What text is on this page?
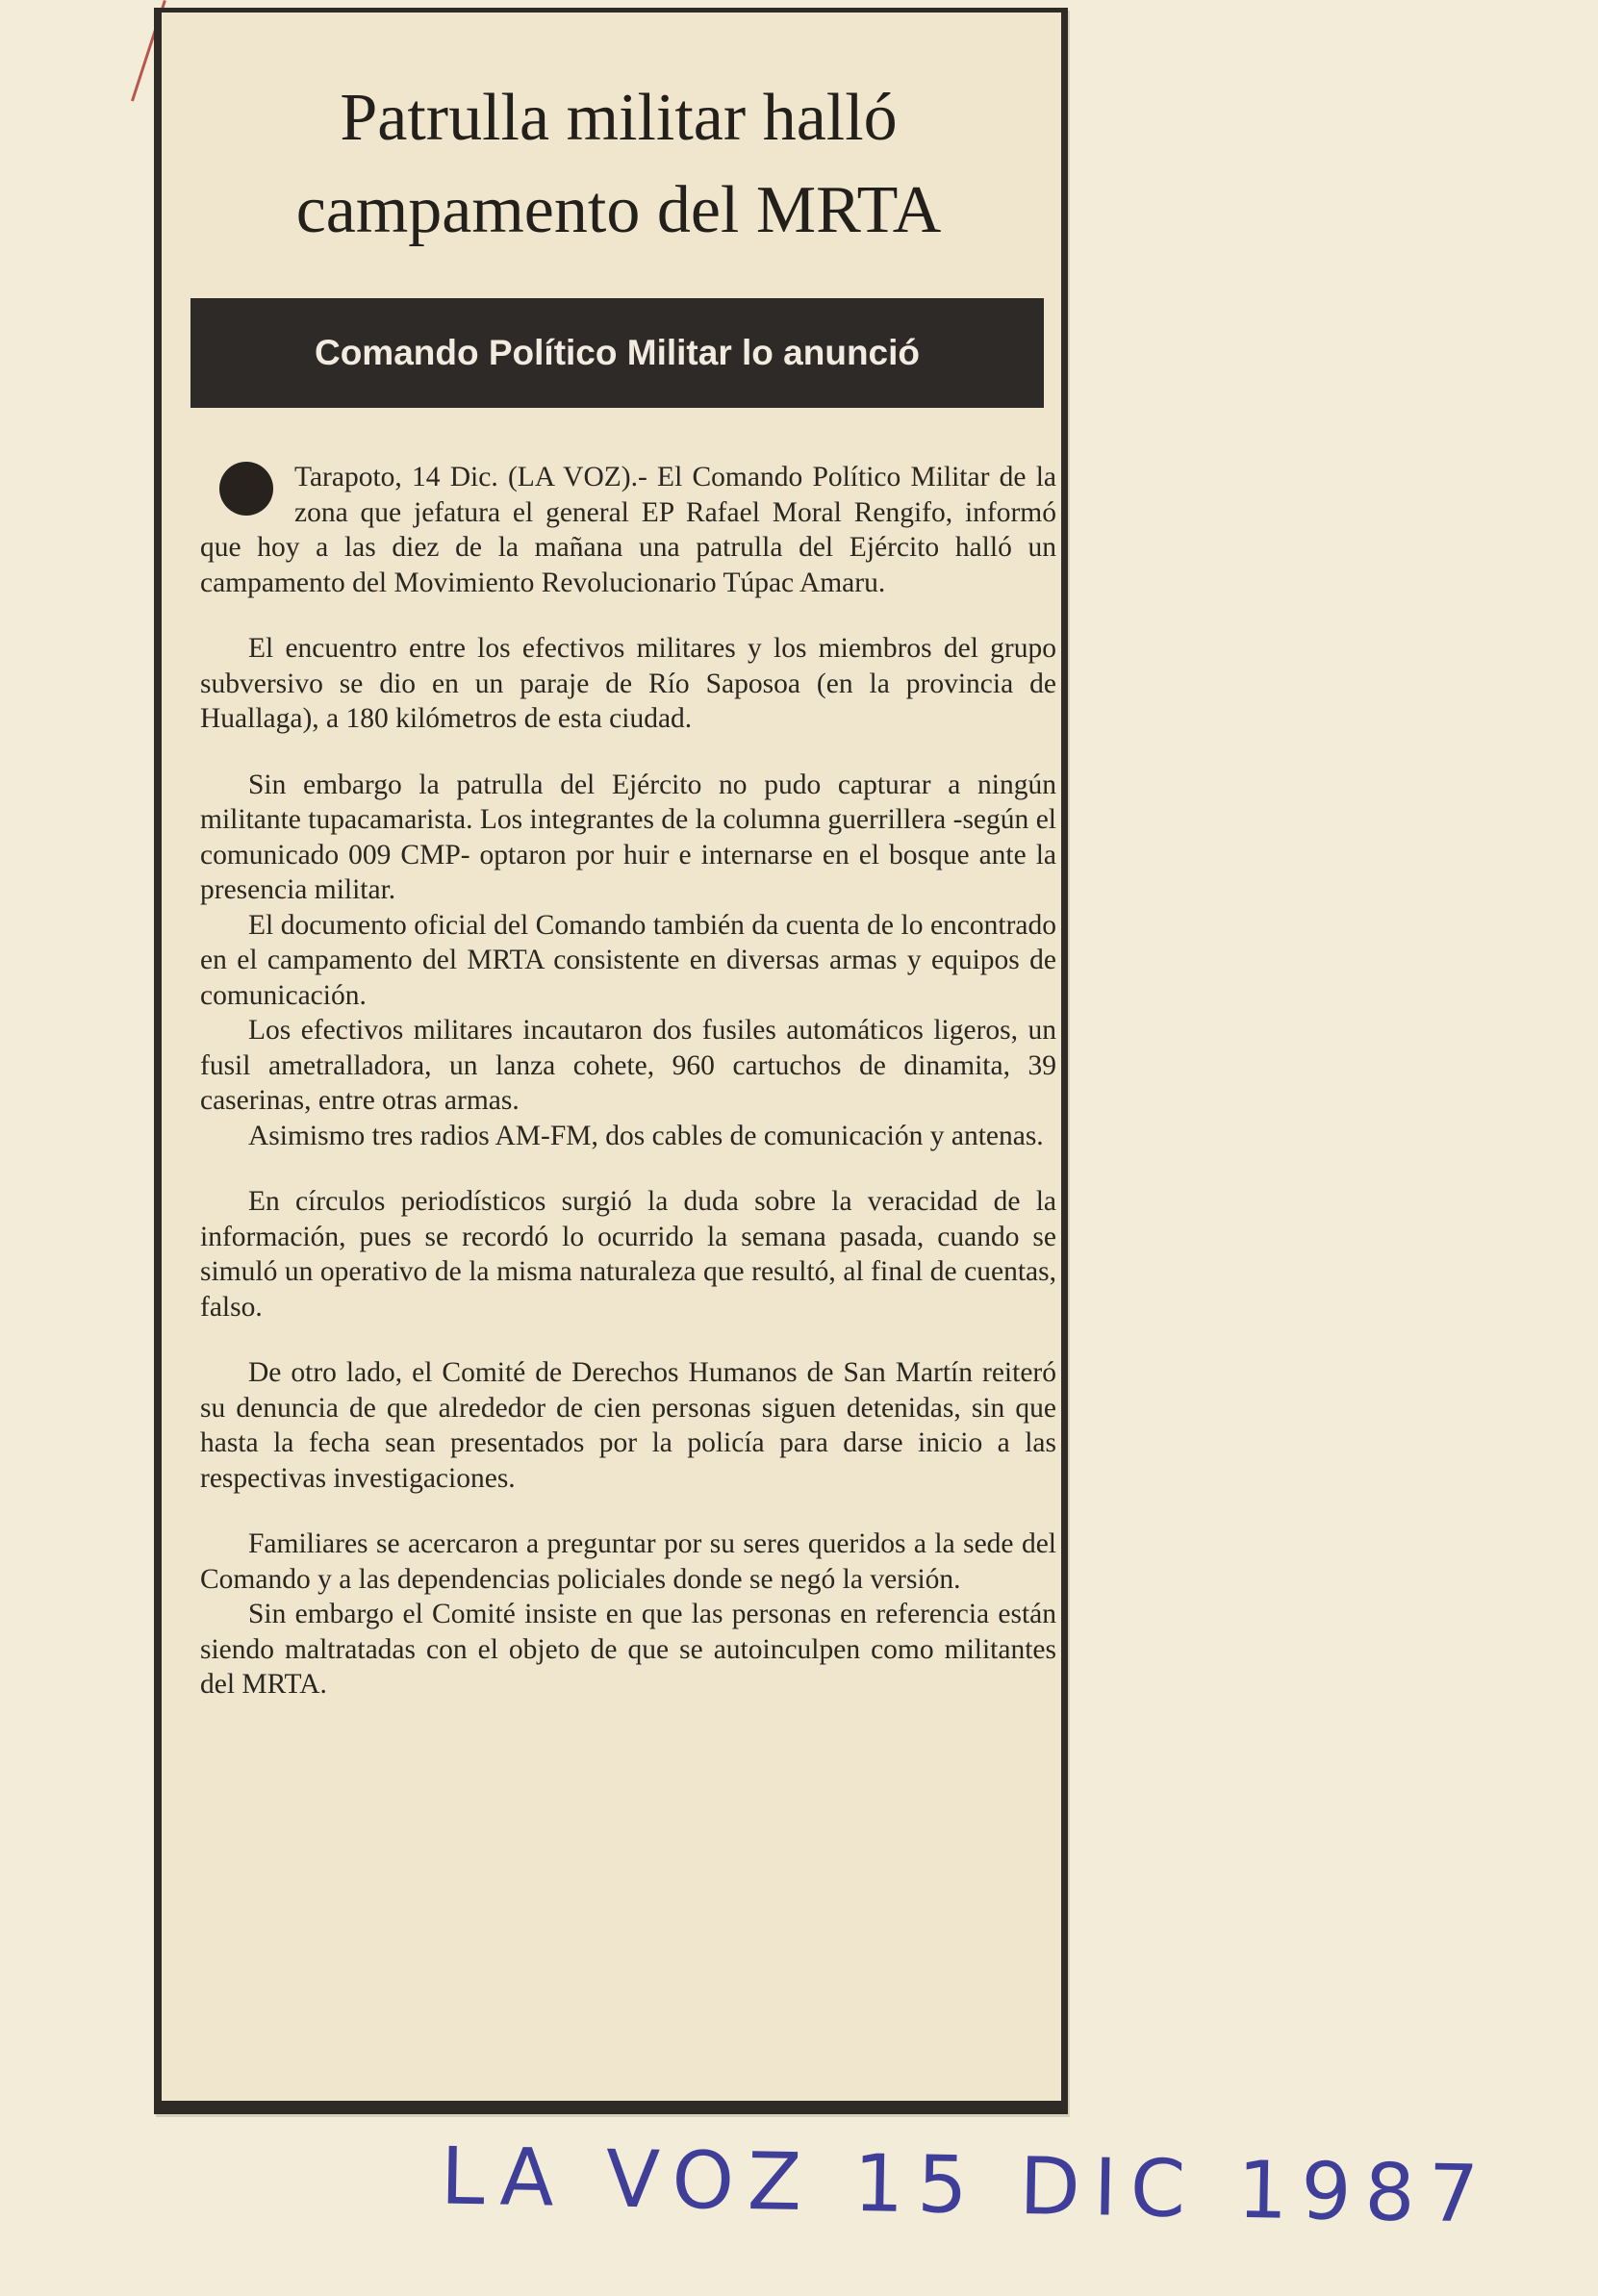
Patrulla militar halló
campamento del MRTA
Comando Político Militar lo anunció

Tarapoto, 14 Dic. (LA VOZ).- El Comando Político Militar de la zona que jefatura el general EP Rafael Moral Rengifo, informó que hoy a las diez de la mañana una patrulla del Ejército halló un campamento del Movimiento Revolucionario Túpac Amaru.

El encuentro entre los efectivos militares y los miembros del grupo subversivo se dio en un paraje de Río Saposoa (en la provincia de Huallaga), a 180 kilómetros de esta ciudad.

Sin embargo la patrulla del Ejército no pudo capturar a ningún militante tupacamarista. Los integrantes de la columna guerrillera -según el comunicado 009 CMP- optaron por huir e internarse en el bosque ante la presencia militar.

El documento oficial del Comando también da cuenta de lo encontrado en el campamento del MRTA consistente en diversas armas y equipos de comunicación.

Los efectivos militares incautaron dos fusiles automáticos ligeros, un fusil ametralladora, un lanza cohete, 960 cartuchos de dinamita, 39 caserinas, entre otras armas.

Asimismo tres radios AM-FM, dos cables de comunicación y antenas.

En círculos periodísticos surgió la duda sobre la veracidad de la información, pues se recordó lo ocurrido la semana pasada, cuando se simuló un operativo de la misma naturaleza que resultó, al final de cuentas, falso.

De otro lado, el Comité de Derechos Humanos de San Martín reiteró su denuncia de que alrededor de cien personas siguen detenidas, sin que hasta la fecha sean presentados por la policía para darse inicio a las respectivas investigaciones.

Familiares se acercaron a preguntar por su seres queridos a la sede del Comando y a las dependencias policiales donde se negó la versión.

Sin embargo el Comité insiste en que las personas en referencia están siendo maltratadas con el objeto de que se autoinculpen como militantes del MRTA.

LA VOZ 15 DIC 1987
